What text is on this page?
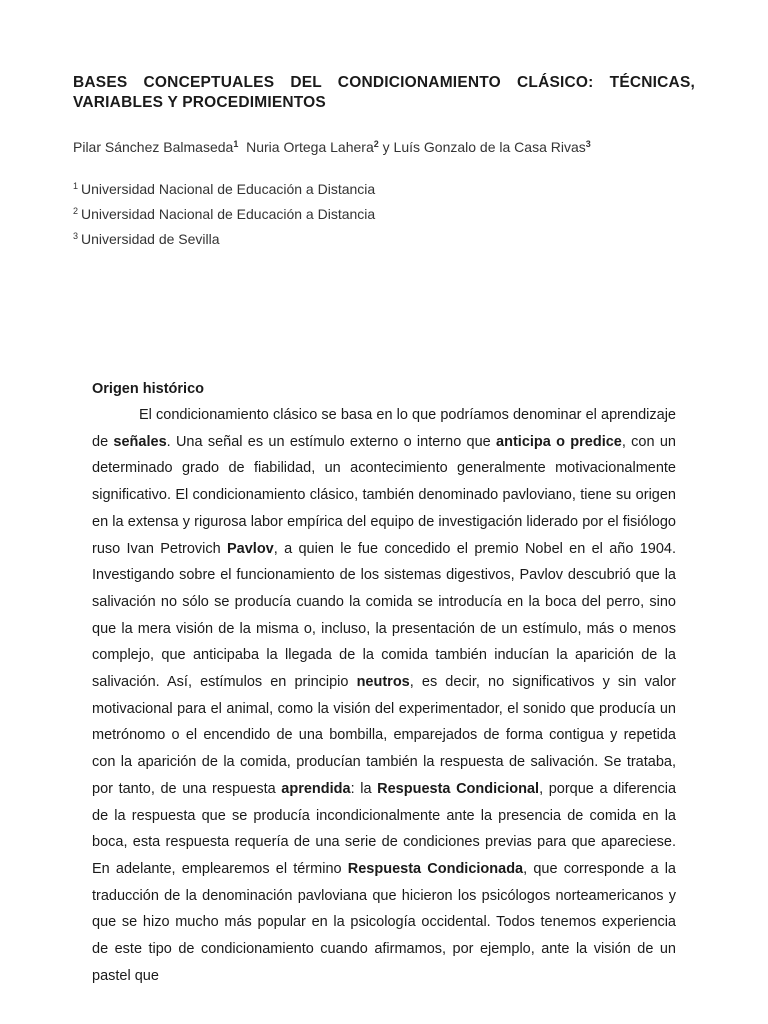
BASES CONCEPTUALES DEL CONDICIONAMIENTO CLÁSICO: TÉCNICAS, VARIABLES Y PROCEDIMIENTOS
Pilar Sánchez Balmaseda$^1$ Nuria Ortega Lahera$^2$ y Luís Gonzalo de la Casa Rivas$^3$
$^1$ Universidad Nacional de Educación a Distancia
$^2$ Universidad Nacional de Educación a Distancia
$^3$ Universidad de Sevilla
Origen histórico

El condicionamiento clásico se basa en lo que podríamos denominar el aprendizaje de señales. Una señal es un estímulo externo o interno que anticipa o predice, con un determinado grado de fiabilidad, un acontecimiento generalmente motivacionalmente significativo. El condicionamiento clásico, también denominado pavloviano, tiene su origen en la extensa y rigurosa labor empírica del equipo de investigación liderado por el fisiólogo ruso Ivan Petrovich Pavlov, a quien le fue concedido el premio Nobel en el año 1904. Investigando sobre el funcionamiento de los sistemas digestivos, Pavlov descubrió que la salivación no sólo se producía cuando la comida se introducía en la boca del perro, sino que la mera visión de la misma o, incluso, la presentación de un estímulo, más o menos complejo, que anticipaba la llegada de la comida también inducían la aparición de la salivación. Así, estímulos en principio neutros, es decir, no significativos y sin valor motivacional para el animal, como la visión del experimentador, el sonido que producía un metrónomo o el encendido de una bombilla, emparejados de forma contigua y repetida con la aparición de la comida, producían también la respuesta de salivación. Se trataba, por tanto, de una respuesta aprendida: la Respuesta Condicional, porque a diferencia de la respuesta que se producía incondicionalmente ante la presencia de comida en la boca, esta respuesta requería de una serie de condiciones previas para que apareciese. En adelante, emplearemos el término Respuesta Condicionada, que corresponde a la traducción de la denominación pavloviana que hicieron los psicólogos norteamericanos y que se hizo mucho más popular en la psicología occidental. Todos tenemos experiencia de este tipo de condicionamiento cuando afirmamos, por ejemplo, ante la visión de un pastel que
